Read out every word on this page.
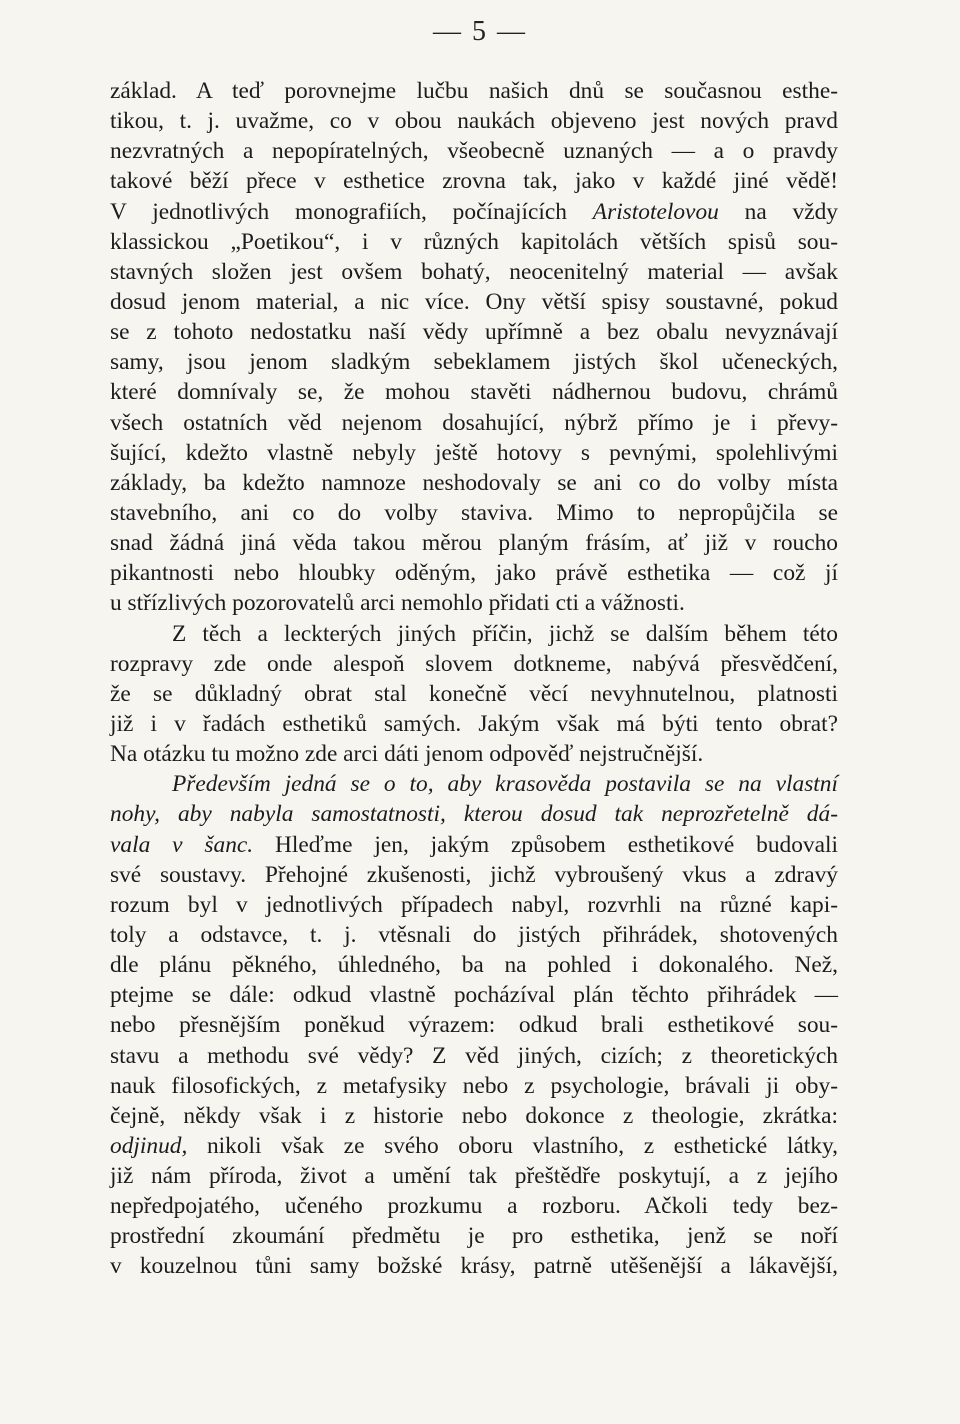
— 5 —
základ. A teď porovnejme lučbu našich dnů se současnou esthe-
tikou, t. j. uvažme, co v obou naukách objeveno jest nových pravd
nezvratných a nepopíratelných, všeobecně uznaných — a o pravdy
takové běží přece v esthetice zrovna tak, jako v každé jiné vědě!
V jednotlivých monografiích, počínajících Aristotelovou na vždy
klassickou „Poetikou“, i v různých kapitolách větších spisů sou-
stavných složen jest ovšem bohatý, neocenitelný material — avšak
dosud jenom material, a nic více. Ony větší spisy soustavné, pokud
se z tohoto nedostatku naší vědy upřímně a bez obalu nevyznávají
samy, jsou jenom sladkým sebeklamem jistých škol učeneckých,
které domnívaly se, že mohou stavěti nádhernou budovu, chrámů
všech ostatních věd nejenom dosahující, nýbrž přímo je i převy-
šující, kdežto vlastně nebyly ještě hotovy s pevnými, spolehlivými
základy, ba kdežto namnoze neshodovaly se ani co do volby místa
stavebního, ani co do volby staviva. Mimo to nepropůjčila se
snad žádná jiná věda takou měrou planým frásím, ať již v roucho
pikantnosti nebo hloubky oděným, jako právě esthetika — což jí
u střízlivých pozorovatelů arci nemohlo přidati cti a vážnosti.
Z těch a leckterých jiných příčin, jichž se dalším během této
rozpravy zde onde alespoň slovem dotkneme, nabývá přesvědčení,
že se důkladný obrat stal konečně věcí nevyhnutelnou, platnosti
již i v řadách esthetiků samých. Jakým však má býti tento obrat?
Na otázku tu možno zde arci dáti jenom odpověď nejstručnější.
Především jedná se o to, aby krasověda postavila se na vlastní
nohy, aby nabyla samostatnosti, kterou dosud tak neprozřetelně dá-
vala v šanc. Hleďme jen, jakým způsobem esthetikové budovali
své soustavy. Přehojné zkušenosti, jichž vybroušený vkus a zdravý
rozum byl v jednotlivých případech nabyl, rozvrhli na různé kapi-
toly a odstavce, t. j. vtěsnali do jistých přihrádek, shotovených
dle plánu pěkného, úhledného, ba na pohled i dokonalého. Než,
ptejme se dále: odkud vlastně pocházíval plán těchto přihrádek —
nebo přesnějším poněkud výrazem: odkud brali esthetikové sou-
stavu a methodu své vědy? Z věd jiných, cizích; z theoretických
nauk filosofických, z metafysiky nebo z psychologie, brávali ji oby-
čejně, někdy však i z historie nebo dokonce z theologie, zkrátka:
odjinud, nikoli však ze svého oboru vlastního, z esthetické látky,
již nám příroda, život a umění tak přeštědře poskytují, a z jejího
nepředpojatého, učeného prozkumu a rozboru. Ačkoli tedy bez-
prostřední zkoumání předmětu je pro esthetika, jenž se noří
v kouzelnou tůni samy božské krásy, patrně utěšenější a lákavější,
